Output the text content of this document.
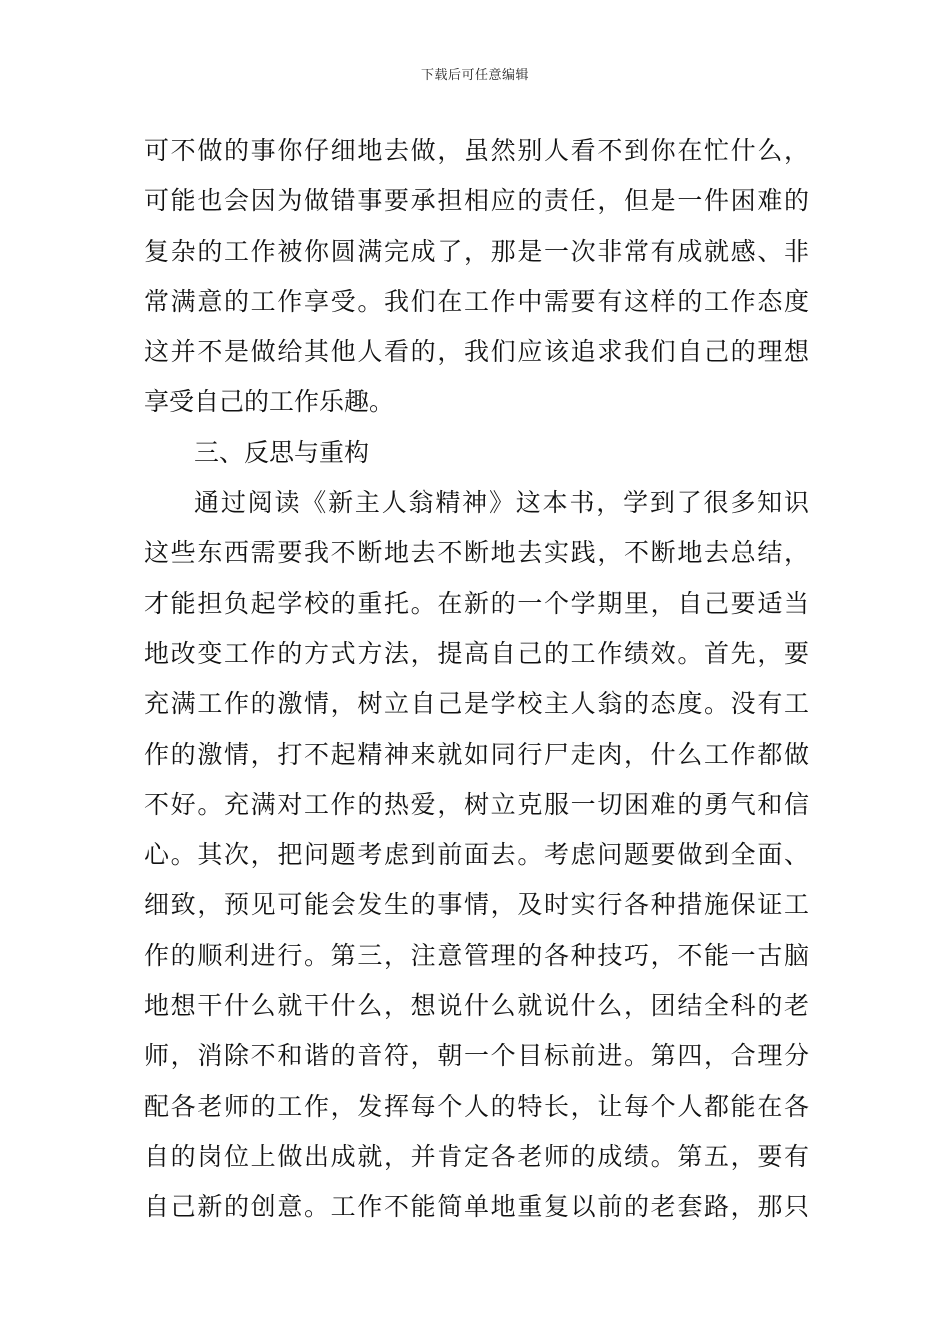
下载后可任意编辑
可不做的事你仔细地去做，虽然别人看不到你在忙什么，
可能也会因为做错事要承担相应的责任，但是一件困难的
复杂的工作被你圆满完成了，那是一次非常有成就感、非
常满意的工作享受。我们在工作中需要有这样的工作态度
这并不是做给其他人看的，我们应该追求我们自己的理想
享受自己的工作乐趣。
三、反思与重构
通过阅读《新主人翁精神》这本书，学到了很多知识
这些东西需要我不断地去不断地去实践，不断地去总结，
才能担负起学校的重托。在新的一个学期里，自己要适当
地改变工作的方式方法，提高自己的工作绩效。首先，要
充满工作的激情，树立自己是学校主人翁的态度。没有工
作的激情，打不起精神来就如同行尸走肉，什么工作都做
不好。充满对工作的热爱，树立克服一切困难的勇气和信
心。其次，把问题考虑到前面去。考虑问题要做到全面、
细致，预见可能会发生的事情，及时实行各种措施保证工
作的顺利进行。第三，注意管理的各种技巧，不能一古脑
地想干什么就干什么，想说什么就说什么，团结全科的老
师，消除不和谐的音符，朝一个目标前进。第四，合理分
配各老师的工作，发挥每个人的特长，让每个人都能在各
自的岗位上做出成就，并肯定各老师的成绩。第五，要有
自己新的创意。工作不能简单地重复以前的老套路，那只
